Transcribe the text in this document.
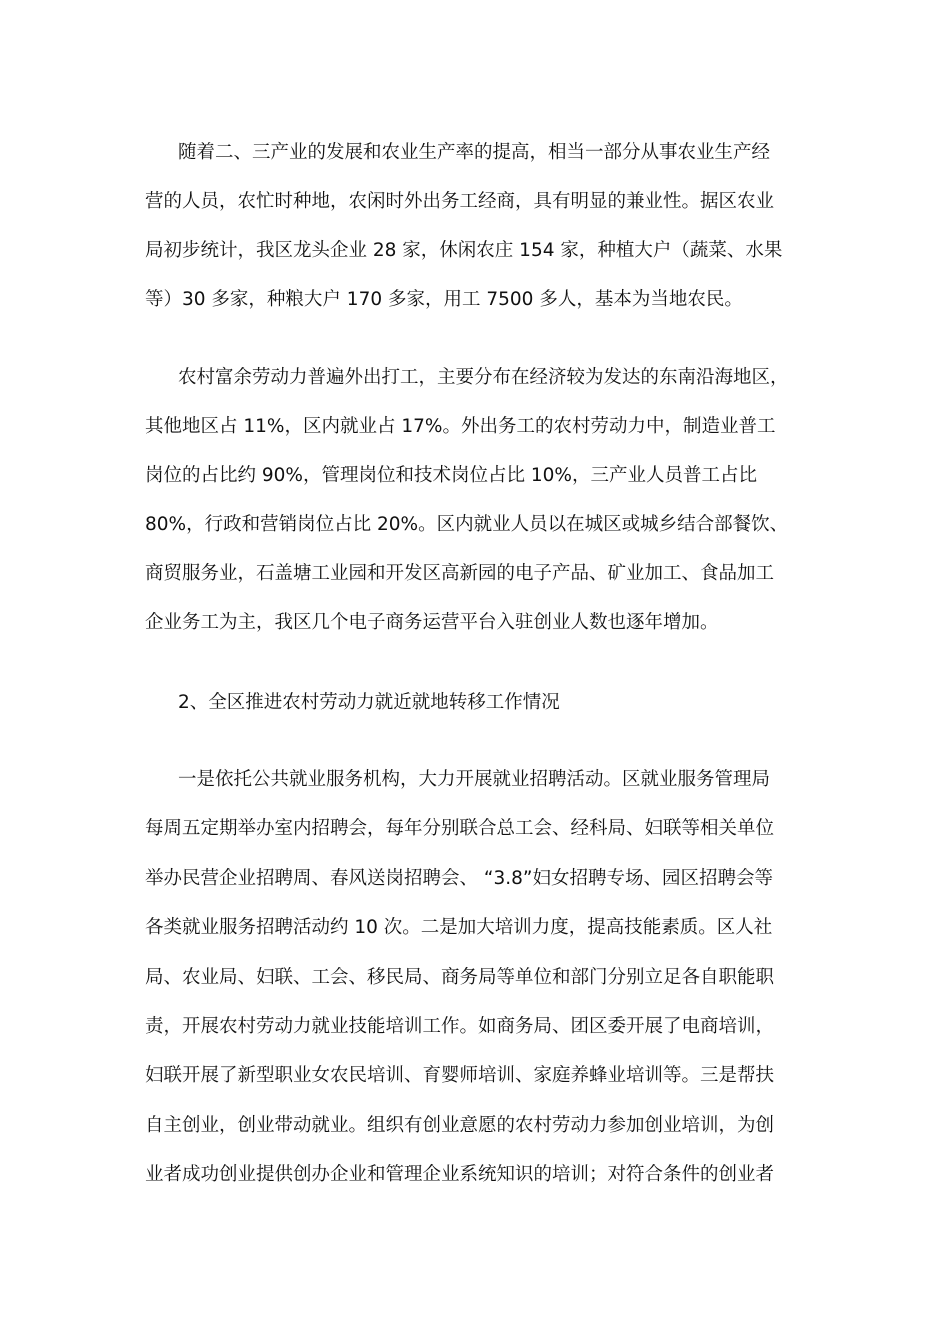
随着二、三产业的发展和农业生产率的提高，相当一部分从事农业生产经
营的人员，农忙时种地，农闲时外出务工经商，具有明显的兼业性。据区农业
局初步统计，我区龙头企业 28 家，休闲农庄 154 家，种植大户（蔬菜、水果
等）30 多家，种粮大户 170 多家，用工 7500 多人，基本为当地农民。
农村富余劳动力普遍外出打工，主要分布在经济较为发达的东南沿海地区，
其他地区占 11%，区内就业占 17%。外出务工的农村劳动力中，制造业普工
岗位的占比约 90%，管理岗位和技术岗位占比 10%，三产业人员普工占比
80%，行政和营销岗位占比 20%。区内就业人员以在城区或城乡结合部餐饮、
商贸服务业，石盖塘工业园和开发区高新园的电子产品、矿业加工、食品加工
企业务工为主，我区几个电子商务运营平台入驻创业人数也逐年增加。
2、全区推进农村劳动力就近就地转移工作情况
一是依托公共就业服务机构，大力开展就业招聘活动。区就业服务管理局
每周五定期举办室内招聘会，每年分别联合总工会、经科局、妇联等相关单位
举办民营企业招聘周、春风送岗招聘会、 “3.8”妇女招聘专场、园区招聘会等
各类就业服务招聘活动约 10 次。二是加大培训力度，提高技能素质。区人社
局、农业局、妇联、工会、移民局、商务局等单位和部门分别立足各自职能职
责，开展农村劳动力就业技能培训工作。如商务局、团区委开展了电商培训，
妇联开展了新型职业女农民培训、育婴师培训、家庭养蜂业培训等。三是帮扶
自主创业，创业带动就业。组织有创业意愿的农村劳动力参加创业培训，为创
业者成功创业提供创办企业和管理企业系统知识的培训；对符合条件的创业者
